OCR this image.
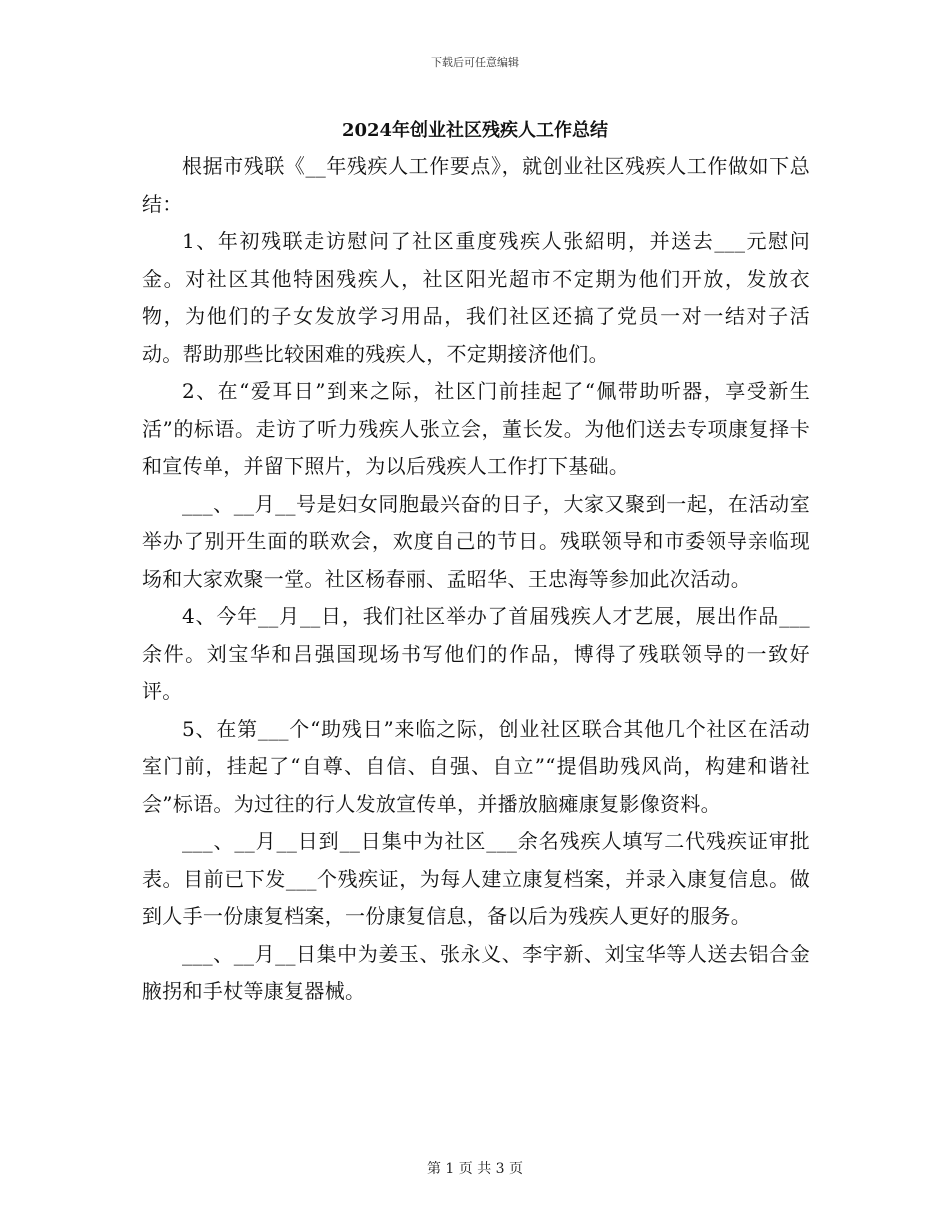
下载后可任意编辑
2024年创业社区残疾人工作总结

根据市残联《__年残疾人工作要点》，就创业社区残疾人工作做如下总结：

1、年初残联走访慰问了社区重度残疾人张紹明，并送去___元慰问金。对社区其他特困残疾人，社区阳光超市不定期为他们开放，发放衣物，为他们的子女发放学习用品，我们社区还搞了党员一对一结对子活动。帮助那些比较困难的残疾人，不定期接济他们。

2、在“爱耳日”到来之际，社区门前挂起了“佩带助听器，享受新生活”的标语。走访了听力残疾人张立会，董长发。为他们送去专项康复择卡和宣传单，并留下照片，为以后残疾人工作打下基础。

___、__月__号是妇女同胞最兴奋的日子，大家又聚到一起，在活动室举办了别开生面的联欢会，欢度自己的节日。残联领导和市委领导亲临现场和大家欢聚一堂。社区杨春丽、孟昭华、王忠海等参加此次活动。

4、今年__月__日，我们社区举办了首届残疾人才艺展，展出作品___余件。刘宝华和吕强国现场书写他们的作品，博得了残联领导的一致好评。

5、在第___个“助残日”来临之际，创业社区联合其他几个社区在活动室门前，挂起了“自尊、自信、自强、自立”“提倡助残风尚，构建和谐社会”标语。为过往的行人发放宣传单，并播放脑瘫康复影像资料。

___、__月__日到__日集中为社区___余名残疾人填写二代残疾证审批表。目前已下发___个残疾证，为每人建立康复档案，并录入康复信息。做到人手一份康复档案，一份康复信息，备以后为残疾人更好的服务。

___、__月__日集中为姜玉、张永义、李宇新、刘宝华等人送去铝合金腋拐和手杖等康复器械。

第 1 页 共 3 页
